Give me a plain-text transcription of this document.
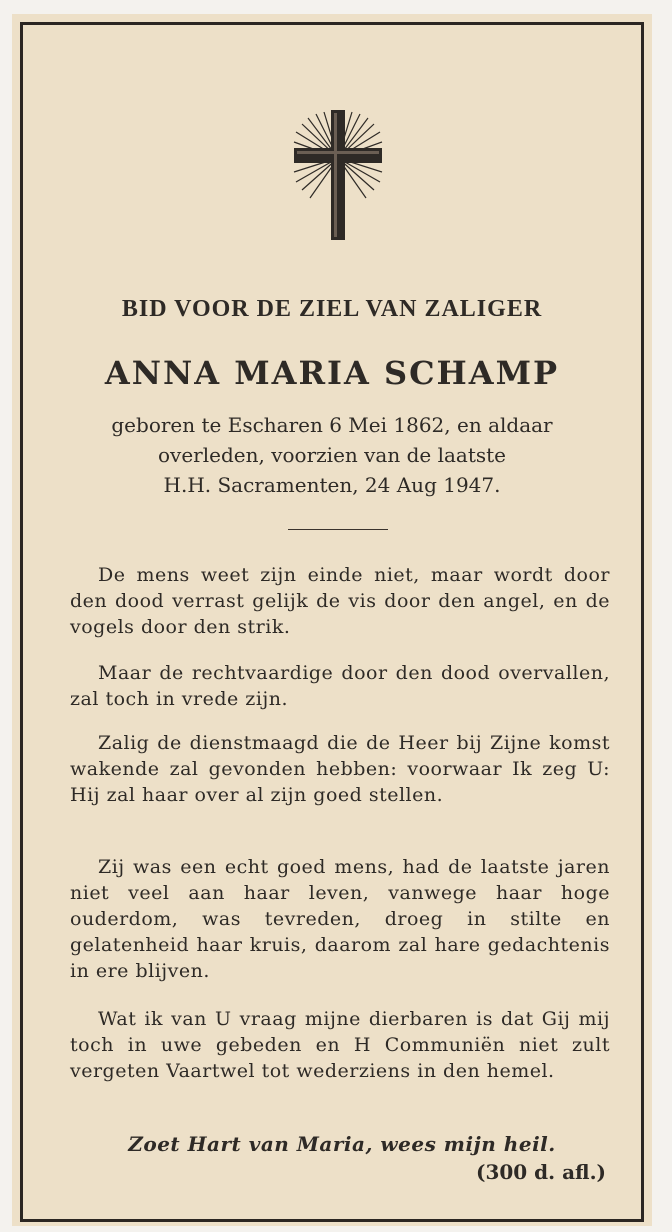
BID VOOR DE ZIEL VAN ZALIGER
ANNA MARIA SCHAMP
geboren te Escharen 6 Mei 1862, en aldaar
overleden, voorzien van de laatste
H.H. Sacramenten, 24 Aug 1947.
De mens weet zijn einde niet, maar wordt door den dood verrast gelijk de vis door den angel, en de vogels door den strik.
Maar de rechtvaardige door den dood overvallen, zal toch in vrede zijn.
Zalig de dienstmaagd die de Heer bij Zijne komst wakende zal gevonden hebben: voorwaar Ik zeg U: Hij zal haar over al zijn goed stellen.
Zij was een echt goed mens, had de laatste jaren niet veel aan haar leven, vanwege haar hoge ouderdom, was tevreden, droeg in stilte en gelatenheid haar kruis, daarom zal hare gedachtenis in ere blijven.
Wat ik van U vraag mijne dierbaren is dat Gij mij toch in uwe gebeden en H Communiën niet zult vergeten Vaartwel tot wederziens in den hemel.
Zoet Hart van Maria, wees mijn heil.
(300 d. afl.)
